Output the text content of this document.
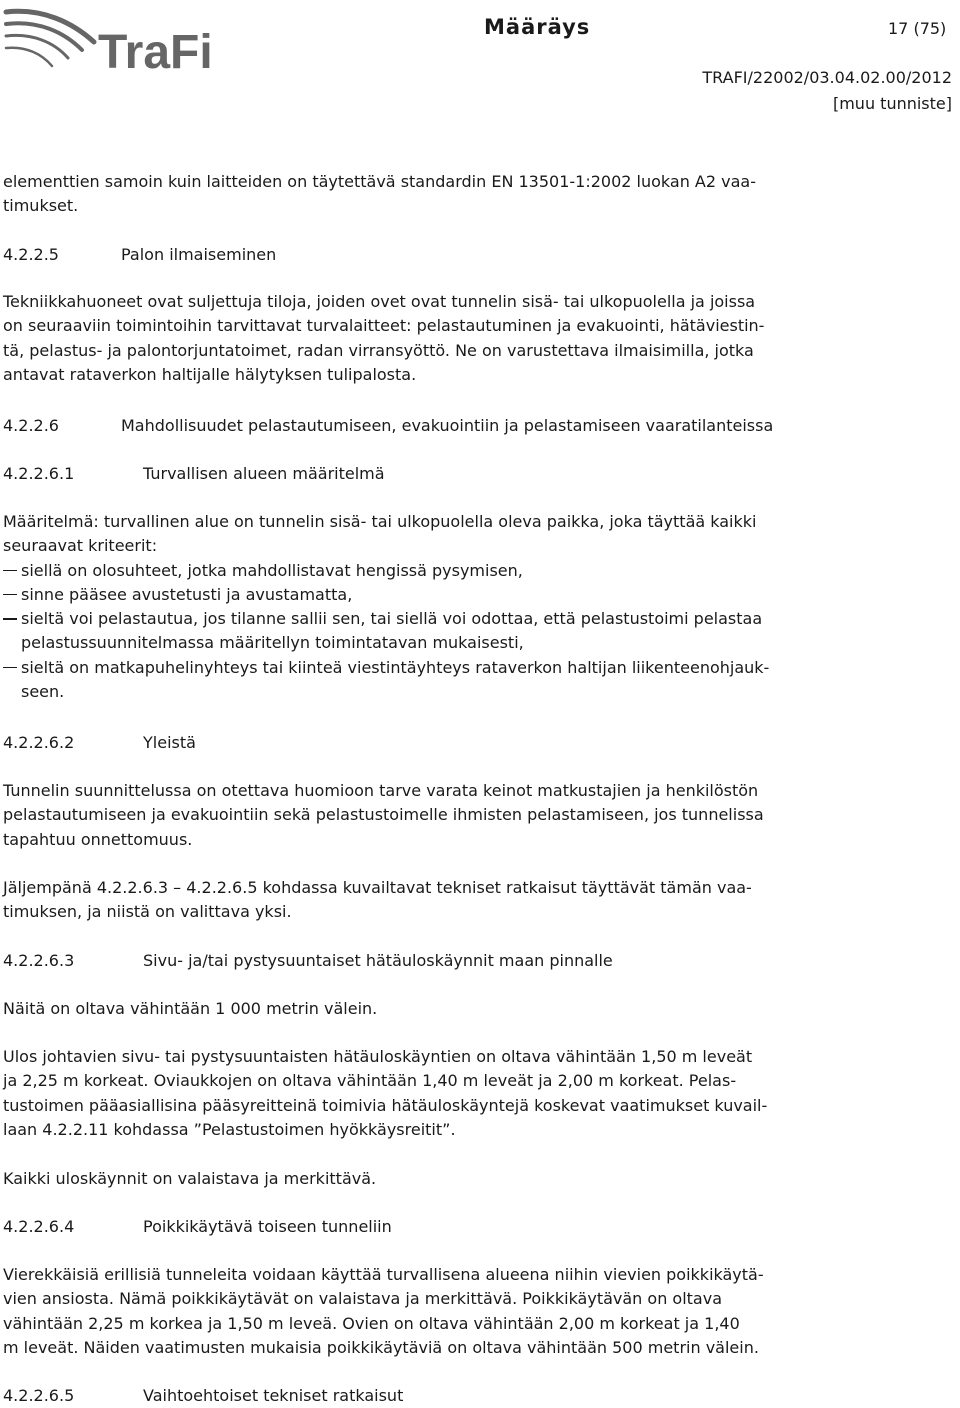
TraFi	Määräys	17 (75)
TRAFI/22002/03.04.02.00/2012
[muu tunniste]
elementtien samoin kuin laitteiden on täytettävä standardin EN 13501-1:2002 luokan A2 vaa-
timukset.
4.2.2.5	Palon ilmaiseminen
Tekniikkahuoneet ovat suljettuja tiloja, joiden ovet ovat tunnelin sisä- tai ulkopuolella ja joissa
on seuraaviin toimintoihin tarvittavat turvalaitteet: pelastautuminen ja evakuointi, hätäviestin-
tä, pelastus- ja palontorjuntatoimet, radan virransyöttö. Ne on varustettava ilmaisimilla, jotka
antavat rataverkon haltijalle hälytyksen tulipalosta.
4.2.2.6	Mahdollisuudet pelastautumiseen, evakuointiin ja pelastamiseen vaaratilanteissa
4.2.2.6.1	Turvallisen alueen määritelmä
Määritelmä: turvallinen alue on tunnelin sisä- tai ulkopuolella oleva paikka, joka täyttää kaikki
seuraavat kriteerit:
siellä on olosuhteet, jotka mahdollistavat hengissä pysymisen,
sinne pääsee avustetusti ja avustamatta,
sieltä voi pelastautua, jos tilanne sallii sen, tai siellä voi odottaa, että pelastustoimi pelastaa
pelastussuunnitelmassa määritellyn toimintatavan mukaisesti,
sieltä on matkapuhelinyhteys tai kiinteä viestintäyhteys rataverkon haltijan liikenteenohjauk-
seen.
4.2.2.6.2	Yleistä
Tunnelin suunnittelussa on otettava huomioon tarve varata keinot matkustajien ja henkilöstön
pelastautumiseen ja evakuointiin sekä pelastustoimelle ihmisten pelastamiseen, jos tunnelissa
tapahtuu onnettomuus.
Jäljempänä 4.2.2.6.3 – 4.2.2.6.5 kohdassa kuvailtavat tekniset ratkaisut täyttävät tämän vaa-
timuksen, ja niistä on valittava yksi.
4.2.2.6.3	Sivu- ja/tai pystysuuntaiset hätäuloskäynnit maan pinnalle
Näitä on oltava vähintään 1 000 metrin välein.
Ulos johtavien sivu- tai pystysuuntaisten hätäuloskäyntien on oltava vähintään 1,50 m leveät
ja 2,25 m korkeat. Oviaukkojen on oltava vähintään 1,40 m leveät ja 2,00 m korkeat. Pelas-
tustoimen pääasiallisina pääsyreitteinä toimivia hätäuloskäyntejä koskevat vaatimukset kuvail-
laan 4.2.2.11 kohdassa ”Pelastustoimen hyökkäysreitit”.
Kaikki uloskäynnit on valaistava ja merkittävä.
4.2.2.6.4	Poikkikäytävä toiseen tunneliin
Vierekkäisiä erillisiä tunneleita voidaan käyttää turvallisena alueena niihin vievien poikkikäytä-
vien ansiosta. Nämä poikkikäytävät on valaistava ja merkittävä. Poikkikäytävän on oltava
vähintään 2,25 m korkea ja 1,50 m leveä. Ovien on oltava vähintään 2,00 m korkeat ja 1,40
m leveät. Näiden vaatimusten mukaisia poikkikäytäviä on oltava vähintään 500 metrin välein.
4.2.2.6.5	Vaihtoehtoiset tekniset ratkaisut
